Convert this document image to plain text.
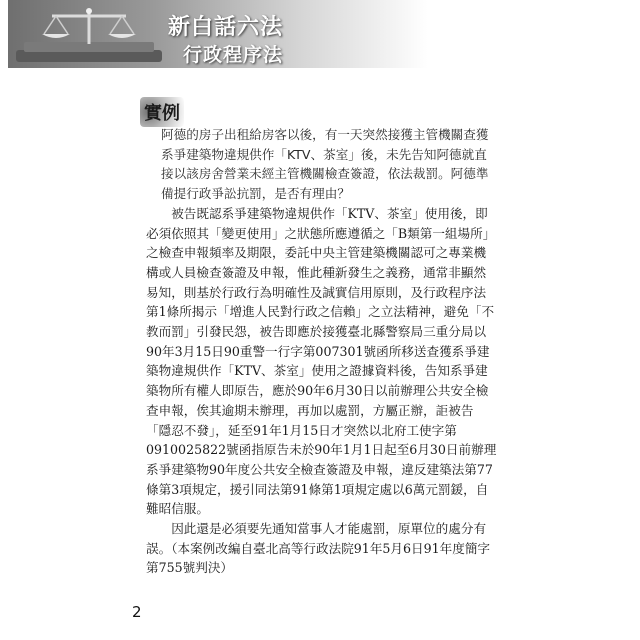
新白話六法
行政程序法
實例

阿德的房子出租給房客以後，有一天突然接獲主管機關查獲系爭建築物違規供作「KTV、茶室」後，未先告知阿德就直接以該房舍營業未經主管機關檢查簽證，依法裁罰。阿德準備提行政爭訟抗罰，是否有理由？

被告既認系爭建築物違規供作「KTV、茶室」使用後，即必須依照其「變更使用」之狀態所應遵循之「B類第一組場所」之檢查申報頻率及期限，委託中央主管建築機關認可之專業機構或人員檢查簽證及申報，惟此種新發生之義務，通常非顯然易知，則基於行政行為明確性及誠實信用原則，及行政程序法第1條所揭示「增進人民對行政之信賴」之立法精神，避免「不教而罰」引發民怨，被告即應於接獲臺北縣警察局三重分局以90年3月15日90重警一行字第007301號函所移送查獲系爭建築物違規供作「KTV、茶室」使用之證據資料後，告知系爭建築物所有權人即原告，應於90年6月30日以前辦理公共安全檢查申報，俟其逾期未辦理，再加以處罰，方屬正辦，詎被告「隱忍不發」，延至91年1月15日才突然以北府工使字第0910025822號函指原告未於90年1月1日起至6月30日前辦理系爭建築物90年度公共安全檢查簽證及申報，違反建築法第77條第3項規定，援引同法第91條第1項規定處以6萬元罰鍰，自難昭信服。

因此還是必須要先通知當事人才能處罰，原單位的處分有誤。（本案例改編自臺北高等行政法院91年5月6日91年度簡字第755號判決）

2
